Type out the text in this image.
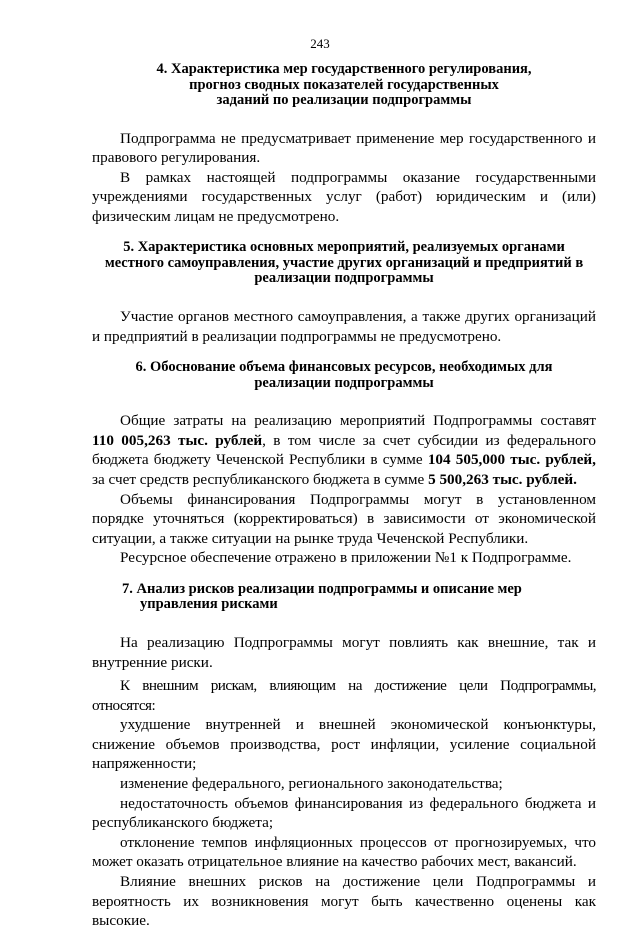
243
4. Характеристика мер государственного регулирования,
прогноз сводных показателей государственных
заданий по реализации подпрограммы

Подпрограмма не предусматривает применение мер государственного и правового регулирования.

В рамках настоящей подпрограммы оказание государственными учреждениями государственных услуг (работ) юридическим и (или) физическим лицам не предусмотрено.

5. Характеристика основных мероприятий, реализуемых органами
местного самоуправления, участие других организаций и предприятий в
реализации подпрограммы

Участие органов местного самоуправления, а также других организаций и предприятий в реализации подпрограммы не предусмотрено.

6. Обоснование объема финансовых ресурсов, необходимых для
реализации подпрограммы

Общие затраты на реализацию мероприятий Подпрограммы составят 110 005,263 тыс. рублей, в том числе за счет субсидии из федерального бюджета бюджету Чеченской Республики в сумме 104 505,000 тыс. рублей, за счет средств республиканского бюджета в сумме 5 500,263 тыс. рублей.

Объемы финансирования Подпрограммы могут в установленном порядке уточняться (корректироваться) в зависимости от экономической ситуации, а также ситуации на рынке труда Чеченской Республики.

Ресурсное обеспечение отражено в приложении №1 к Подпрограмме.

7. Анализ рисков реализации подпрограммы и описание мер
управления рисками

На реализацию Подпрограммы могут повлиять как внешние, так и внутренние риски.

К внешним рискам, влияющим на достижение цели Подпрограммы, относятся:

ухудшение внутренней и внешней экономической конъюнктуры, снижение объемов производства, рост инфляции, усиление социальной напряженности;

изменение федерального, регионального законодательства;

недостаточность объемов финансирования из федерального бюджета и республиканского бюджета;

отклонение темпов инфляционных процессов от прогнозируемых, что может оказать отрицательное влияние на качество рабочих мест, вакансий.

Влияние внешних рисков на достижение цели Подпрограммы и вероятность их возникновения могут быть качественно оценены как высокие.
